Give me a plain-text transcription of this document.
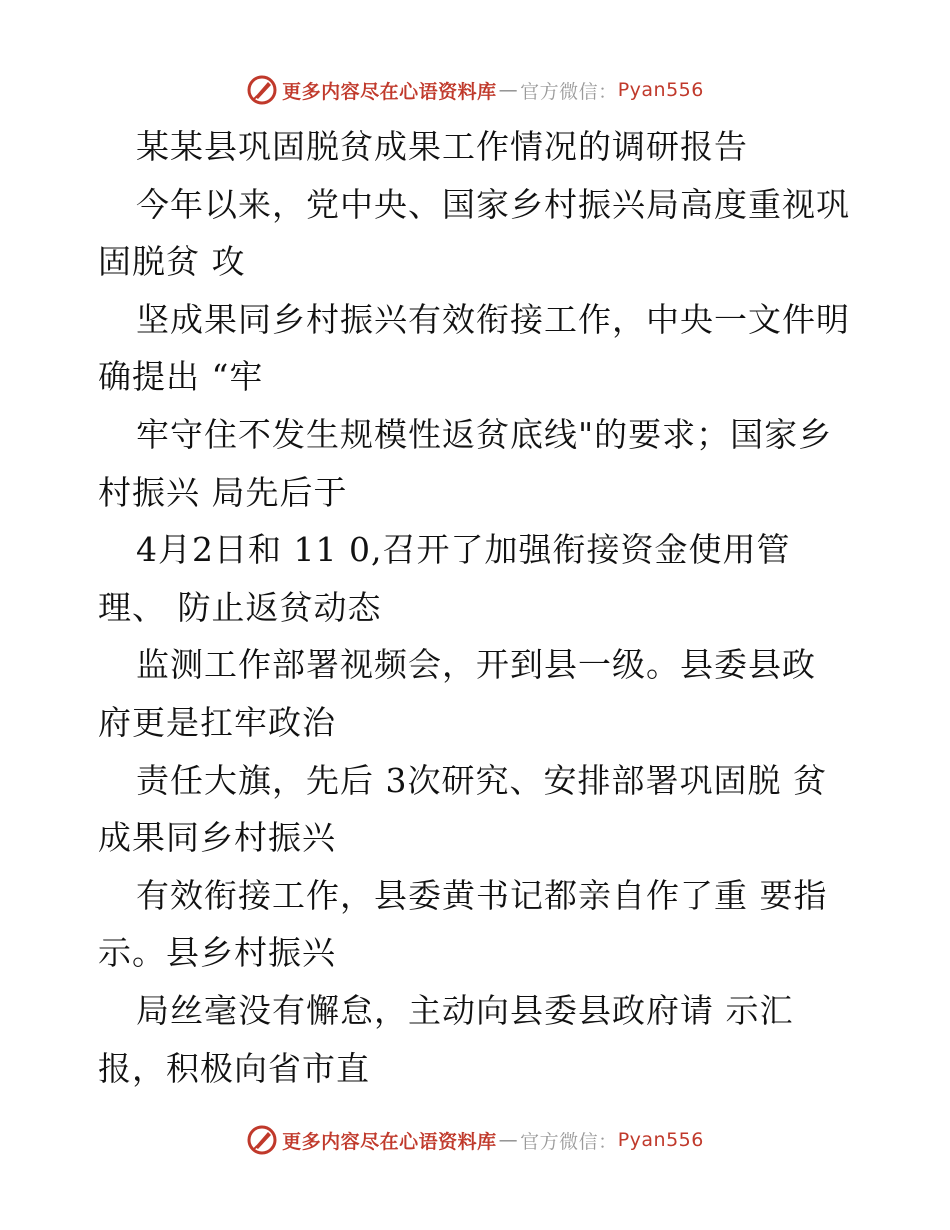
更多内容尽在心语资料库 — 官方微信 ： Pyan556
某某县巩固脱贫成果工作情况的调研报告
今年以来，党中央、国家乡村振兴局高度重视巩
固脱贫 攻
坚成果同乡村振兴有效衔接工作，中央一文件明
确提出 “牢
牢守住不发生规模性返贫底线"的要求；国家乡
村振兴 局先后于
4月2日和 11 0,召开了加强衔接资金使用管
理、 防止返贫动态
监测工作部署视频会，开到县一级。县委县政
府更是扛牢政治
责任大旗，先后 3次研究、安排部署巩固脱 贫
成果同乡村振兴
有效衔接工作，县委黄书记都亲自作了重 要指
示。县乡村振兴
局丝毫没有懈怠，主动向县委县政府请 示汇
报，积极向省市直
更多内容尽在心语资料库 — 官方微信 ： Pyan556
